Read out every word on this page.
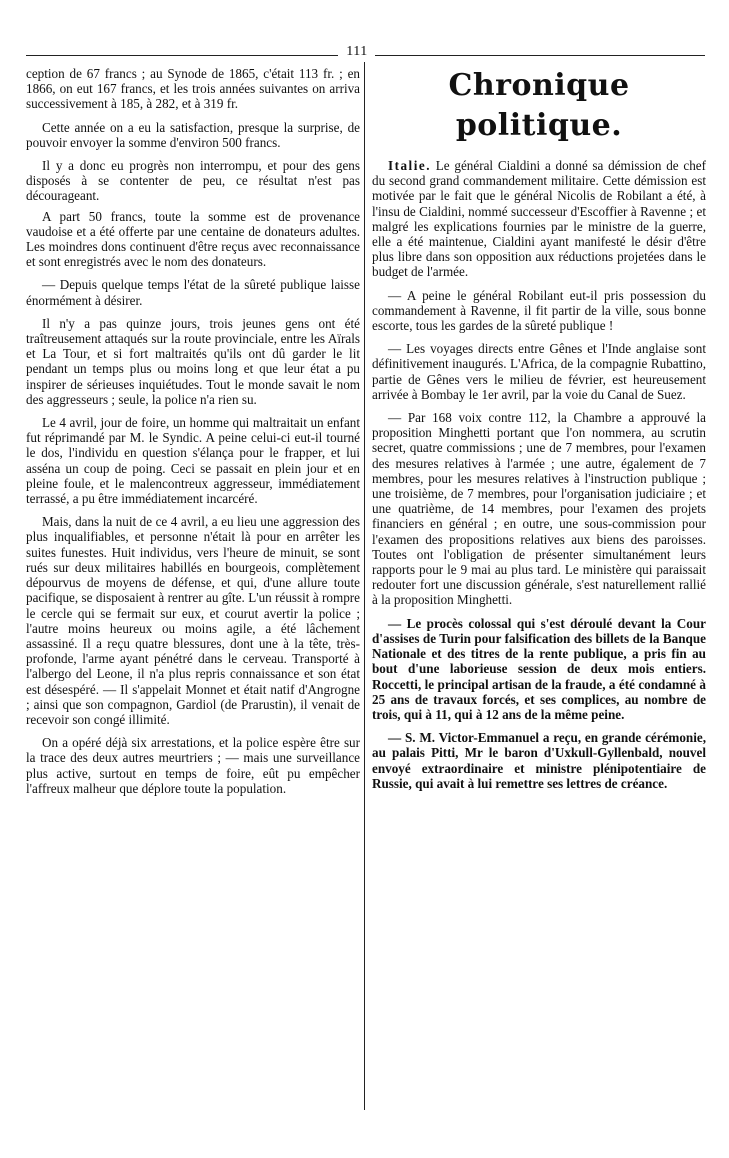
111

ception de 67 francs ; au Synode de 1865, c'était 113 fr. ; en 1866, on eut 167 francs, et les trois années suivantes on arriva successivement à 185, à 282, et à 319 fr.

Cette année on a eu la satisfaction, presque la surprise, de pouvoir envoyer la somme d'environ 500 francs.

Il y a donc eu progrès non interrompu, et pour des gens disposés à se contenter de peu, ce résultat n'est pas décourageant.

A part 50 francs, toute la somme est de provenance vaudoise et a été offerte par une centaine de donateurs adultes. Les moindres dons continuent d'être reçus avec reconnaissance et sont enregistrés avec le nom des donateurs.

— Depuis quelque temps l'état de la sûreté publique laisse énormément à désirer.

Il n'y a pas quinze jours, trois jeunes gens ont été traîtreusement attaqués sur la route provinciale, entre les Aïrals et La Tour, et si fort maltraités qu'ils ont dû garder le lit pendant un temps plus ou moins long et que leur état a pu inspirer de sérieuses inquiétudes. Tout le monde savait le nom des aggresseurs ; seule, la police n'a rien su.

Le 4 avril, jour de foire, un homme qui maltraitait un enfant fut réprimandé par M. le Syndic. A peine celui-ci eut-il tourné le dos, l'individu en question s'élança pour le frapper, et lui asséna un coup de poing. Ceci se passait en plein jour et en pleine foule, et le malencontreux aggresseur, immédiatement terrassé, a pu être immédiatement incarcéré.

Mais, dans la nuit de ce 4 avril, a eu lieu une aggression des plus inqualifiables, et personne n'était là pour en arrêter les suites funestes. Huit individus, vers l'heure de minuit, se sont rués sur deux militaires habillés en bourgeois, complètement dépourvus de moyens de défense, et qui, d'une allure toute pacifique, se disposaient à rentrer au gîte. L'un réussit à rompre le cercle qui se fermait sur eux, et courut avertir la police ; l'autre moins heureux ou moins agile, a été lâchement assassiné. Il a reçu quatre blessures, dont une à la tête, très-profonde, l'arme ayant pénétré dans le cerveau. Transporté à l'albergo del Leone, il n'a plus repris connaissance et son état est désespéré. — Il s'appelait Monnet et était natif d'Angrogne ; ainsi que son compagnon, Gardiol (de Prarustin), il venait de recevoir son congé illimité.

On a opéré déjà six arrestations, et la police espère être sur la trace des deux autres meurtriers ; — mais une surveillance plus active, surtout en temps de foire, eût pu empêcher l'affreux malheur que déplore toute la population.

Chronique politique.

Italie. Le général Cialdini a donné sa démission de chef du second grand commandement militaire. Cette démission est motivée par le fait que le général Nicolis de Robilant a été, à l'insu de Cialdini, nommé successeur d'Escoffier à Ravenne ; et malgré les explications fournies par le ministre de la guerre, elle a été maintenue, Cialdini ayant manifesté le désir d'être plus libre dans son opposition aux réductions projetées dans le budget de l'armée.

— A peine le général Robilant eut-il pris possession du commandement à Ravenne, il fit partir de la ville, sous bonne escorte, tous les gardes de la sûreté publique !

— Les voyages directs entre Gênes et l'Inde anglaise sont définitivement inaugurés. L'Africa, de la compagnie Rubattino, partie de Gênes vers le milieu de février, est heureusement arrivée à Bombay le 1er avril, par la voie du Canal de Suez.

— Par 168 voix contre 112, la Chambre a approuvé la proposition Minghetti portant que l'on nommera, au scrutin secret, quatre commissions ; une de 7 membres, pour l'examen des mesures relatives à l'armée ; une autre, également de 7 membres, pour les mesures relatives à l'instruction publique ; une troisième, de 7 membres, pour l'organisation judiciaire ; et une quatrième, de 14 membres, pour l'examen des projets financiers en général ; en outre, une sous-commission pour l'examen des propositions relatives aux biens des paroisses. Toutes ont l'obligation de présenter simultanément leurs rapports pour le 9 mai au plus tard. Le ministère qui paraissait redouter fort une discussion générale, s'est naturellement rallié à la proposition Minghetti.

— Le procès colossal qui s'est déroulé devant la Cour d'assises de Turin pour falsification des billets de la Banque Nationale et des titres de la rente publique, a pris fin au bout d'une laborieuse session de deux mois entiers. Roccetti, le principal artisan de la fraude, a été condamné à 25 ans de travaux forcés, et ses complices, au nombre de trois, qui à 11, qui à 12 ans de la même peine.

— S. M. Victor-Emmanuel a reçu, en grande cérémonie, au palais Pitti, Mr le baron d'Uxkull-Gyllenbald, nouvel envoyé extraordinaire et ministre plénipotentiaire de Russie, qui avait à lui remettre ses lettres de créance.
